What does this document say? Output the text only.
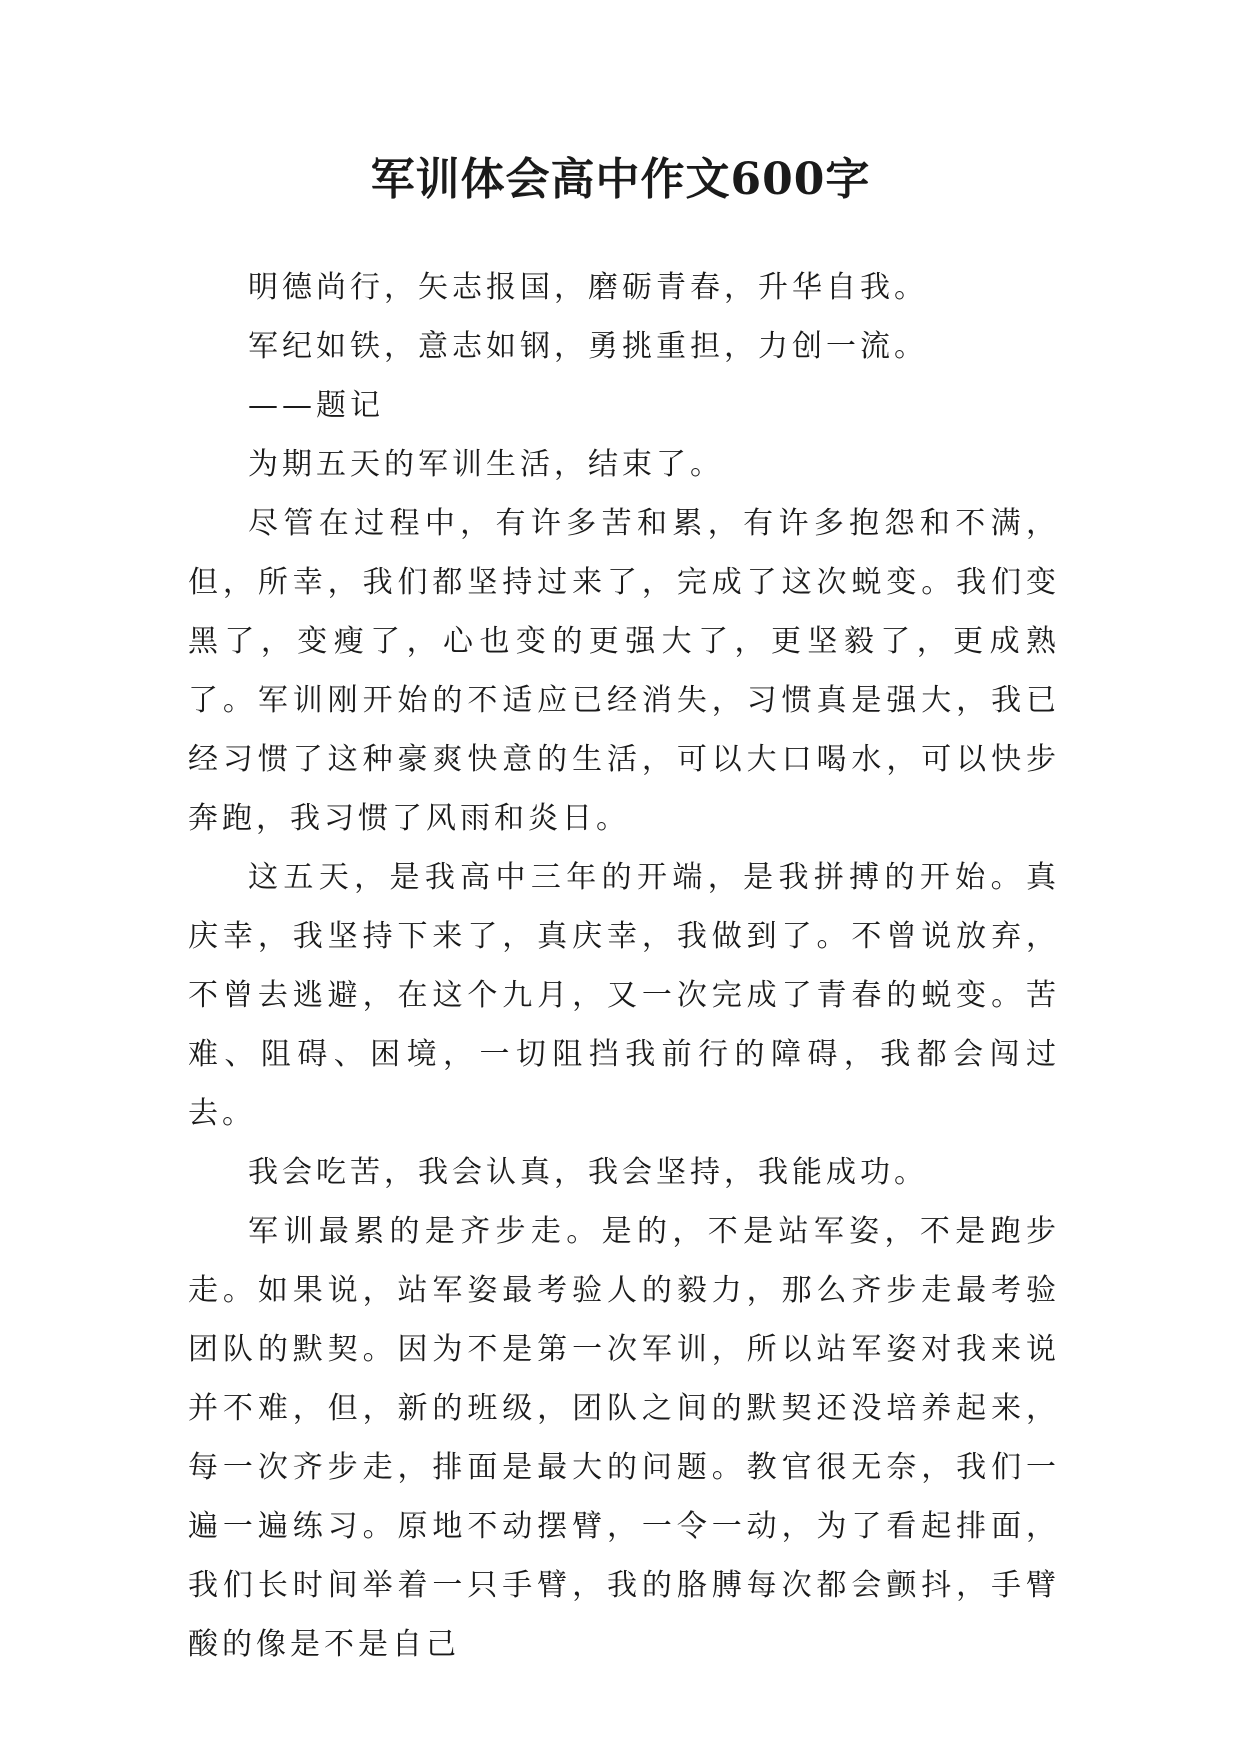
军训体会高中作文600字

明德尚行，矢志报国，磨砺青春，升华自我。

军纪如铁，意志如钢，勇挑重担，力创一流。

——题记

为期五天的军训生活，结束了。

尽管在过程中，有许多苦和累，有许多抱怨和不满，但，所幸，我们都坚持过来了，完成了这次蜕变。我们变黑了，变瘦了，心也变的更强大了，更坚毅了，更成熟了。军训刚开始的不适应已经消失，习惯真是强大，我已经习惯了这种豪爽快意的生活，可以大口喝水，可以快步奔跑，我习惯了风雨和炎日。

这五天，是我高中三年的开端，是我拼搏的开始。真庆幸，我坚持下来了，真庆幸，我做到了。不曾说放弃，不曾去逃避，在这个九月，又一次完成了青春的蜕变。苦难、阻碍、困境，一切阻挡我前行的障碍，我都会闯过去。

我会吃苦，我会认真，我会坚持，我能成功。

军训最累的是齐步走。是的，不是站军姿，不是跑步走。如果说，站军姿最考验人的毅力，那么齐步走最考验团队的默契。因为不是第一次军训，所以站军姿对我来说并不难，但，新的班级，团队之间的默契还没培养起来，每一次齐步走，排面是最大的问题。教官很无奈，我们一遍一遍练习。原地不动摆臂，一令一动，为了看起排面，我们长时间举着一只手臂，我的胳膊每次都会颤抖，手臂酸的像是不是自己
